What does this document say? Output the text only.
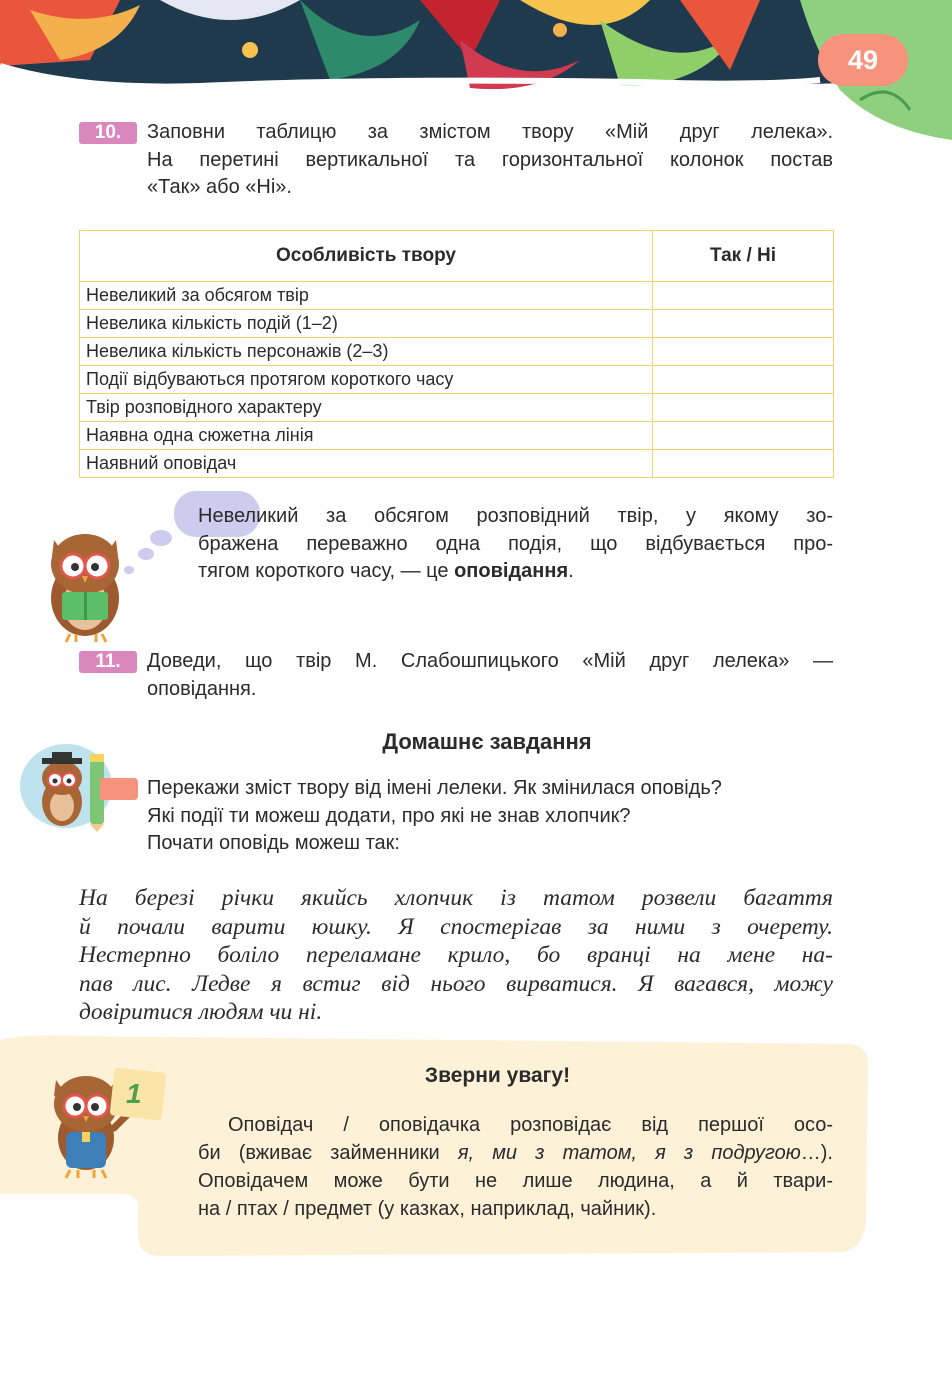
49
10.	Заповни таблицю за змістом твору «Мій друг лелека».
На перетині вертикальної та горизонтальної колонок постав
«Так» або «Ні».
Особливість твору	Так / Ні
Невеликий за обсягом твір	
Невелика кількість подій (1–2)	
Невелика кількість персонажів (2–3)	
Події відбуваються протягом короткого часу	
Твір розповідного характеру	
Наявна одна сюжетна лінія	
Наявний оповідач	
Невеликий за обсягом розповідний твір, у якому зо-
бражена переважно одна подія, що відбувається про-
тягом короткого часу, — це оповідання.
11.	Доведи, що твір М. Слабошпицького «Мій друг лелека» —
оповідання.
Домашнє завдання
Перекажи зміст твору від імені лелеки. Як змінилася оповідь?
Які події ти можеш додати, про які не знав хлопчик?
Почати оповідь можеш так:
На березі річки якийсь хлопчик із татом розвели багаття
й почали варити юшку. Я спостерігав за ними з очерету.
Нестерпно боліло переламане крило, бо вранці на мене на-
пав лис. Ледве я встиг від нього вирватися. Я вагався, можу
довіритися людям чи ні.
1
Зверни увагу!
Оповідач / оповідачка розповідає від першої осо-
би (вживає займенники я, ми з татом, я з подругою…).
Оповідачем може бути не лише людина, а й твари-
на / птах / предмет (у казках, наприклад, чайник).
